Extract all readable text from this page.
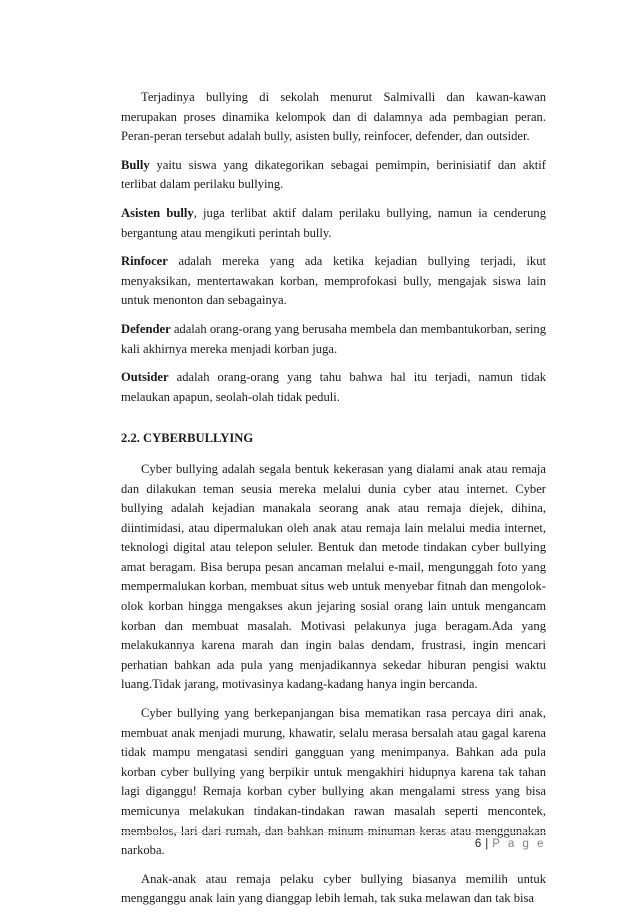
Terjadinya bullying di sekolah menurut Salmivalli dan kawan-kawan merupakan proses dinamika kelompok dan di dalamnya ada pembagian peran. Peran-peran tersebut adalah bully, asisten bully, reinfocer, defender, dan outsider.

Bully yaitu siswa yang dikategorikan sebagai pemimpin, berinisiatif dan aktif terlibat dalam perilaku bullying.

Asisten bully, juga terlibat aktif dalam perilaku bullying, namun ia cenderung bergantung atau mengikuti perintah bully.

Rinfocer adalah mereka yang ada ketika kejadian bullying terjadi, ikut menyaksikan, mentertawakan korban, memprofokasi bully, mengajak siswa lain untuk menonton dan sebagainya.

Defender adalah orang-orang yang berusaha membela dan membantukorban, sering kali akhirnya mereka menjadi korban juga.

Outsider adalah orang-orang yang tahu bahwa hal itu terjadi, namun tidak melaukan apapun, seolah-olah tidak peduli.

2.2. CYBERBULLYING

Cyber bullying adalah segala bentuk kekerasan yang dialami anak atau remaja dan dilakukan teman seusia mereka melalui dunia cyber atau internet. Cyber bullying adalah kejadian manakala seorang anak atau remaja diejek, dihina, diintimidasi, atau dipermalukan oleh anak atau remaja lain melalui media internet, teknologi digital atau telepon seluler. Bentuk dan metode tindakan cyber bullying amat beragam. Bisa berupa pesan ancaman melalui e-mail, mengunggah foto yang mempermalukan korban, membuat situs web untuk menyebar fitnah dan mengolok-olok korban hingga mengakses akun jejaring sosial orang lain untuk mengancam korban dan membuat masalah. Motivasi pelakunya juga beragam.Ada yang melakukannya karena marah dan ingin balas dendam, frustrasi, ingin mencari perhatian bahkan ada pula yang menjadikannya sekedar hiburan pengisi waktu luang.Tidak jarang, motivasinya kadang-kadang hanya ingin bercanda.

Cyber bullying yang berkepanjangan bisa mematikan rasa percaya diri anak, membuat anak menjadi murung, khawatir, selalu merasa bersalah atau gagal karena tidak mampu mengatasi sendiri gangguan yang menimpanya. Bahkan ada pula korban cyber bullying yang berpikir untuk mengakhiri hidupnya karena tak tahan lagi diganggu! Remaja korban cyber bullying akan mengalami stress yang bisa memicunya melakukan tindakan-tindakan rawan masalah seperti mencontek, membolos, lari dari rumah, dan bahkan minum minuman keras atau menggunakan narkoba.

Anak-anak atau remaja pelaku cyber bullying biasanya memilih untuk mengganggu anak lain yang dianggap lebih lemah, tak suka melawan dan tak bisa

6 | P a g e
